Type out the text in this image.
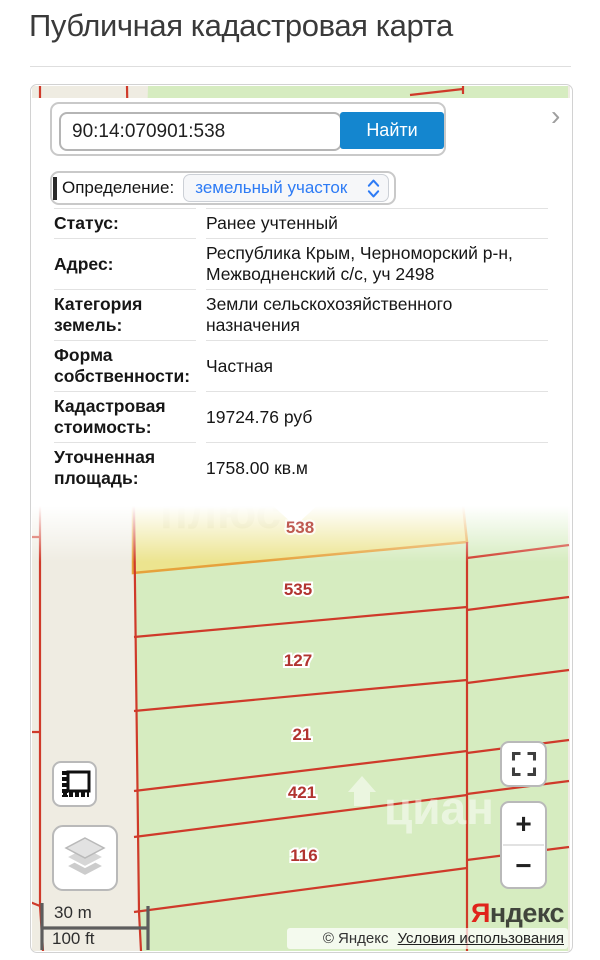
Публичная кадастровая карта
циан
538
535
127
21
421
116
+
−
30 m
100 ft
Яндекс
© Яндекс Условия использования
90:14:070901:538
Найти	›
Определение: земельный участок
Статус:	Ранее учтенный
Адрес:	Республика Крым, Черноморский р-н, Межводненский с/с, уч 2498
Категория земель:	Земли сельскохозяйственного назначения
Форма собственности:	Частная
Кадастровая стоимость:	19724.76 руб
Уточненная площадь:	1758.00 кв.м
